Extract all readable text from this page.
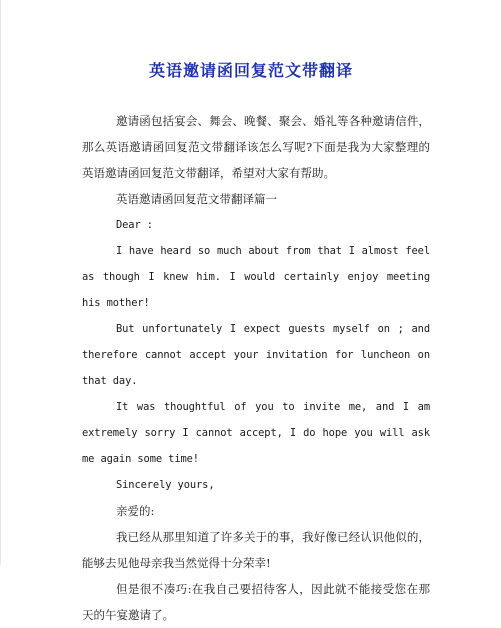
英语邀请函回复范文带翻译

邀请函包括宴会、舞会、晚餐、聚会、婚礼等各种邀请信件，那么英语邀请函回复范文带翻译该怎么写呢?下面是我为大家整理的英语邀请函回复范文带翻译，希望对大家有帮助。

英语邀请函回复范文带翻译篇一

Dear :

I have heard so much about from that I almost feel as though I knew him. I would certainly enjoy meeting his mother!

But unfortunately I expect guests myself on ; and therefore cannot accept your invitation for luncheon on that day.

It was thoughtful of you to invite me, and I am extremely sorry I cannot accept, I do hope you will ask me again some time!

Sincerely yours,

亲爱的:

我已经从那里知道了许多关于的事，我好像已经认识他似的，能够去见他母亲我当然觉得十分荣幸!

但是很不凑巧:在我自己要招待客人，因此就不能接受您在那天的午宴邀请了。
